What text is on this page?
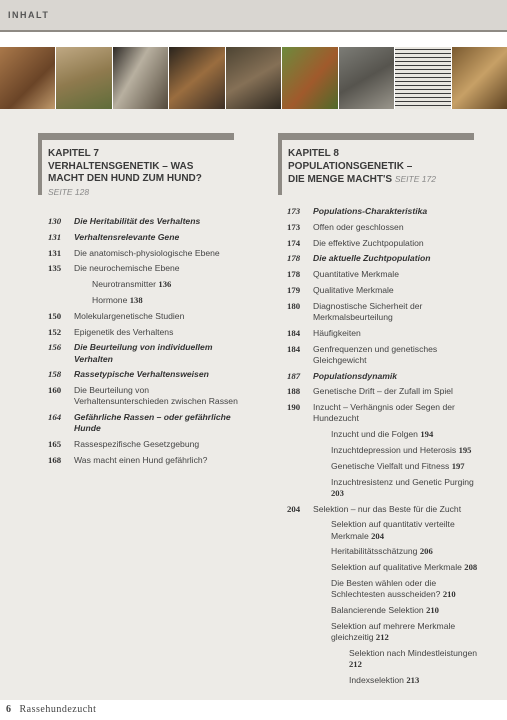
INHALT
KAPITEL 7
VERHALTENSGENETIK – WAS
MACHT DEN HUND ZUM HUND?
SEITE 128
130 Die Heritabilität des Verhaltens
131 Verhaltensrelevante Gene
131 Die anatomisch-physiologische Ebene
135 Die neurochemische Ebene
Neurotransmitter 136
Hormone 138
150 Molekulargenetische Studien
152 Epigenetik des Verhaltens
156 Die Beurteilung von individuellem Verhalten
158 Rassetypische Verhaltensweisen
160 Die Beurteilung von Verhaltensunterschieden zwischen Rassen
164 Gefährliche Rassen – oder gefährliche Hunde
165 Rassespezifische Gesetzgebung
168 Was macht einen Hund gefährlich?
KAPITEL 8
POPULATIONSGENETIK –
DIE MENGE MACHT'S SEITE 172
173 Populations-Charakteristika
173 Offen oder geschlossen
174 Die effektive Zuchtpopulation
178 Die aktuelle Zuchtpopulation
178 Quantitative Merkmale
179 Qualitative Merkmale
180 Diagnostische Sicherheit der Merkmalsbeurteilung
184 Häufigkeiten
184 Genfrequenzen und genetisches Gleichgewicht
187 Populationsdynamik
188 Genetische Drift – der Zufall im Spiel
190 Inzucht – Verhängnis oder Segen der Hundezucht
Inzucht und die Folgen 194
Inzuchtdepression und Heterosis 195
Genetische Vielfalt und Fitness 197
Inzuchtresistenz und Genetic Purging 203
204 Selektion – nur das Beste für die Zucht
Selektion auf quantitativ verteilte Merkmale 204
Heritabilitätsschätzung 206
Selektion auf qualitative Merkmale 208
Die Besten wählen oder die Schlechtesten ausscheiden? 210
Balancierende Selektion 210
Selektion auf mehrere Merkmale gleichzeitig 212
Selektion nach Mindestleistungen 212
Indexselektion 213
6 Rassehundezucht
